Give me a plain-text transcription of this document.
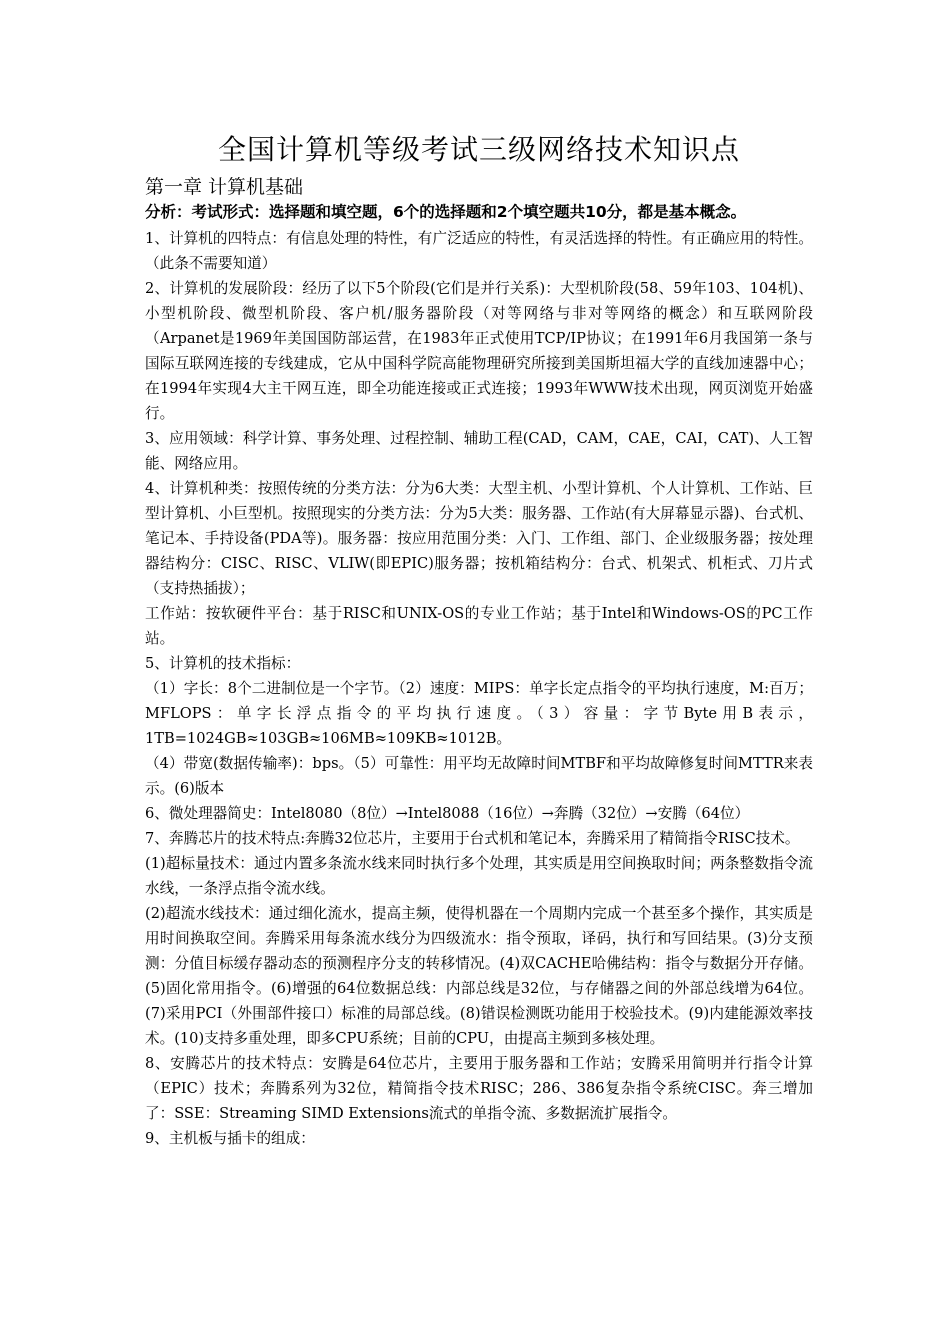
全国计算机等级考试三级网络技术知识点
第一章 计算机基础

分析：考试形式：选择题和填空题，6个的选择题和2个填空题共10分，都是基本概念。

1、计算机的四特点：有信息处理的特性，有广泛适应的特性，有灵活选择的特性。有正确应用的特性。（此条不需要知道）

2、计算机的发展阶段：经历了以下5个阶段(它们是并行关系)：大型机阶段(58、59年103、104机)、小型机阶段、微型机阶段、客户机/服务器阶段（对等网络与非对等网络的概念）和互联网阶段（Arpanet是1969年美国国防部运营，在1983年正式使用TCP/IP协议；在1991年6月我国第一条与国际互联网连接的专线建成，它从中国科学院高能物理研究所接到美国斯坦福大学的直线加速器中心；在1994年实现4大主干网互连，即全功能连接或正式连接；1993年WWW技术出现，网页浏览开始盛行。

3、应用领域：科学计算、事务处理、过程控制、辅助工程(CAD，CAM，CAE，CAI，CAT)、人工智能、网络应用。

4、计算机种类：按照传统的分类方法：分为6大类：大型主机、小型计算机、个人计算机、工作站、巨型计算机、小巨型机。按照现实的分类方法：分为5大类：服务器、工作站(有大屏幕显示器)、台式机、笔记本、手持设备(PDA等)。服务器：按应用范围分类：入门、工作组、部门、企业级服务器；按处理器结构分：CISC、RISC、VLIW(即EPIC)服务器；按机箱结构分：台式、机架式、机柜式、刀片式（支持热插拔）；

工作站：按软硬件平台：基于RISC和UNIX-OS的专业工作站；基于Intel和Windows-OS的PC工作站。

5、计算机的技术指标：

（1）字长：8个二进制位是一个字节。（2）速度：MIPS：单字长定点指令的平均执行速度，M:百万；MFLOPS：单字长浮点指令的平均执行速度。（3）容量：字节Byte用B表示，1TB=1024GB≈103GB≈106MB≈109KB≈1012B。

（4）带宽(数据传输率)：bps。（5）可靠性：用平均无故障时间MTBF和平均故障修复时间MTTR来表示。(6)版本

6、微处理器简史：Intel8080（8位）→Intel8088（16位）→奔腾（32位）→安腾（64位）

7、奔腾芯片的技术特点:奔腾32位芯片，主要用于台式机和笔记本，奔腾采用了精简指令RISC技术。

(1)超标量技术：通过内置多条流水线来同时执行多个处理，其实质是用空间换取时间；两条整数指令流水线，一条浮点指令流水线。

(2)超流水线技术：通过细化流水，提高主频，使得机器在一个周期内完成一个甚至多个操作，其实质是用时间换取空间。奔腾采用每条流水线分为四级流水：指令预取，译码，执行和写回结果。(3)分支预测：分值目标缓存器动态的预测程序分支的转移情况。(4)双CACHE哈佛结构：指令与数据分开存储。(5)固化常用指令。(6)增强的64位数据总线：内部总线是32位，与存储器之间的外部总线增为64位。(7)采用PCI（外围部件接口）标准的局部总线。(8)错误检测既功能用于校验技术。(9)内建能源效率技术。(10)支持多重处理，即多CPU系统；目前的CPU，由提高主频到多核处理。

8、安腾芯片的技术特点：安腾是64位芯片，主要用于服务器和工作站；安腾采用简明并行指令计算（EPIC）技术；奔腾系列为32位，精简指令技术RISC；286、386复杂指令系统CISC。奔三增加了：SSE：Streaming SIMD Extensions流式的单指令流、多数据流扩展指令。

9、主机板与插卡的组成：
